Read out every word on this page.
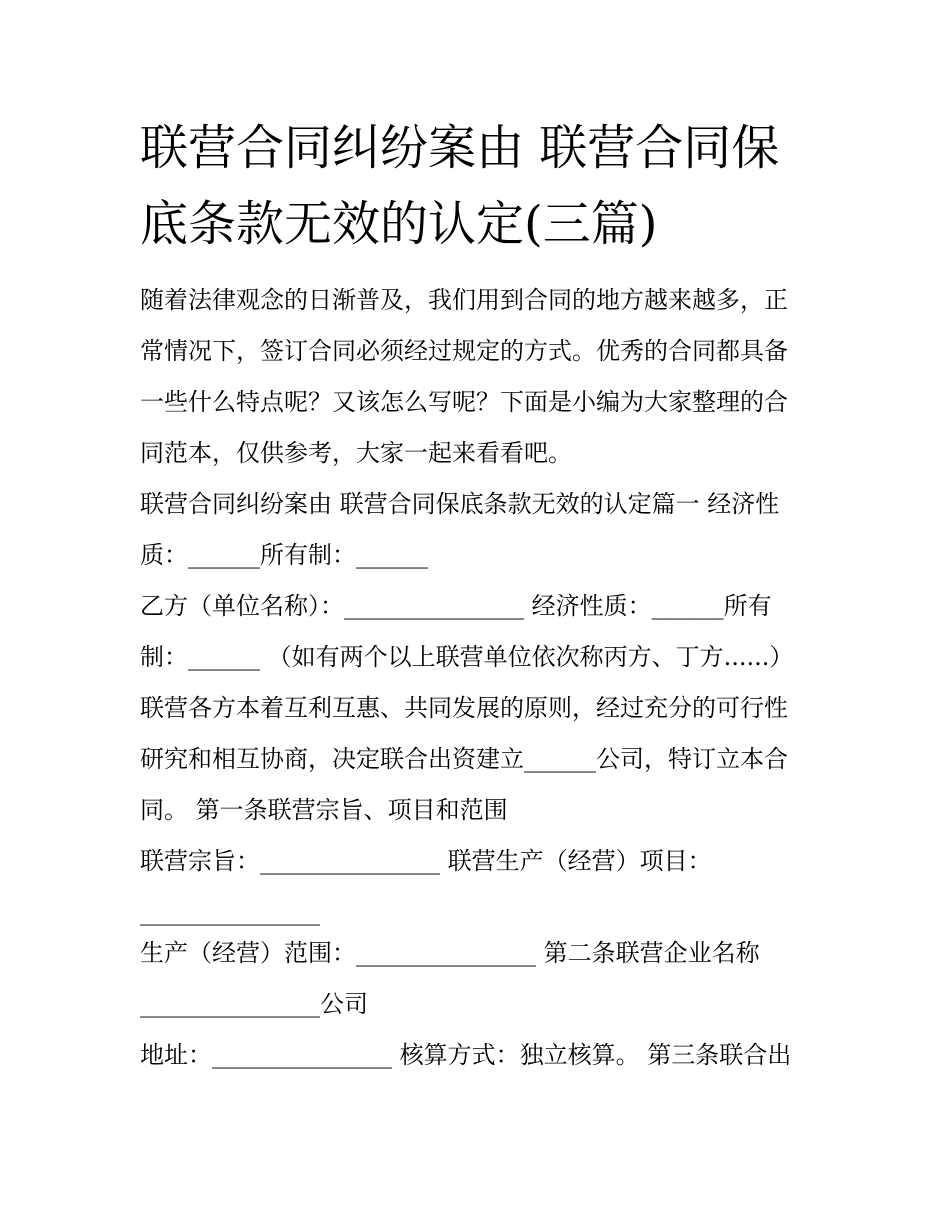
联营合同纠纷案由 联营合同保
底条款无效的认定(三篇)

随着法律观念的日渐普及，我们用到合同的地方越来越多，正

常情况下，签订合同必须经过规定的方式。优秀的合同都具备

一些什么特点呢？又该怎么写呢？下面是小编为大家整理的合

同范本，仅供参考，大家一起来看看吧。

联营合同纠纷案由 联营合同保底条款无效的认定篇一 经济性

质：______所有制：______

乙方（单位名称）：_______________ 经济性质：______所有

制：______ （如有两个以上联营单位依次称丙方、丁方......）

联营各方本着互利互惠、共同发展的原则，经过充分的可行性

研究和相互协商，决定联合出资建立______公司，特订立本合

同。 第一条联营宗旨、项目和范围

联营宗旨：_______________ 联营生产（经营）项目：

_______________

生产（经营）范围：_______________ 第二条联营企业名称

_______________公司

地址：_______________ 核算方式：独立核算。 第三条联合出
